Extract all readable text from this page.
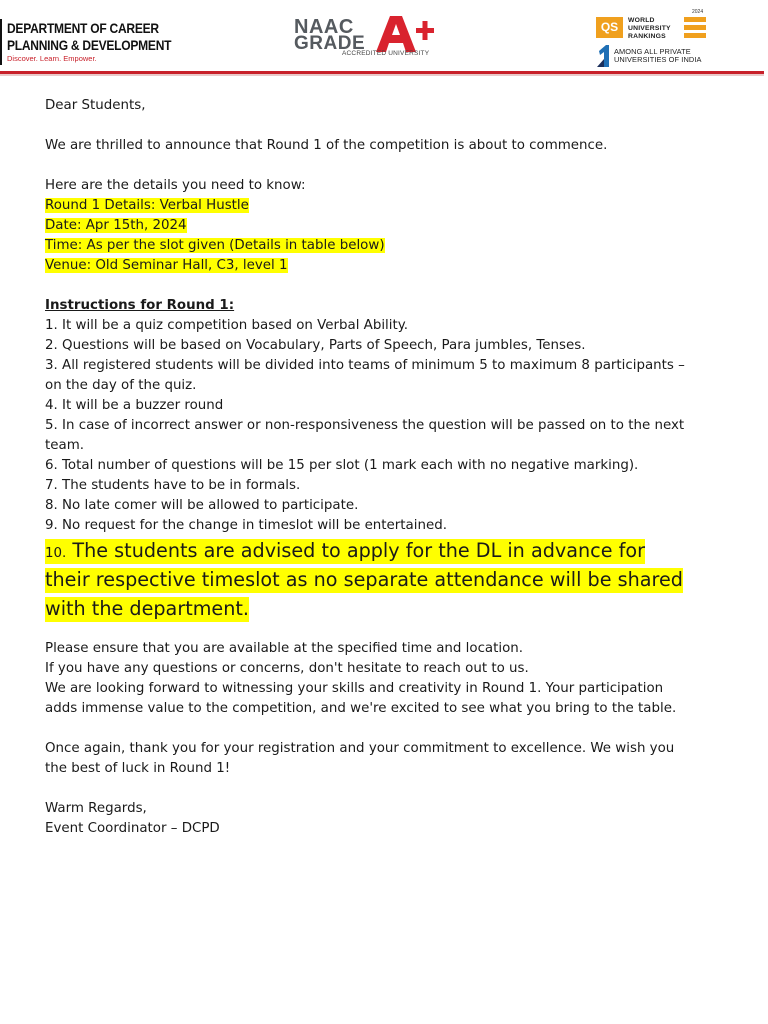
DEPARTMENT OF CAREER
PLANNING & DEVELOPMENT
Discover. Learn. Empower.
NAAC
GRADE
ACCREDITED UNIVERSITY
2024
QS	WORLD
UNIVERSITY
RANKINGS
AMONG ALL PRIVATE
UNIVERSITIES OF INDIA
Dear Students,
We are thrilled to announce that Round 1 of the competition is about to commence.
Here are the details you need to know:
Round 1 Details: Verbal Hustle
Date: Apr 15th, 2024
Time: As per the slot given (Details in table below)
Venue: Old Seminar Hall, C3, level 1
Instructions for Round 1:
1. It will be a quiz competition based on Verbal Ability.
2. Questions will be based on Vocabulary, Parts of Speech, Para jumbles, Tenses.
3. All registered students will be divided into teams of minimum 5 to maximum 8 participants –
on the day of the quiz.
4. It will be a buzzer round
5. In case of incorrect answer or non-responsiveness the question will be passed on to the next
team.
6. Total number of questions will be 15 per slot (1 mark each with no negative marking).
7. The students have to be in formals.
8. No late comer will be allowed to participate.
9. No request for the change in timeslot will be entertained.
10. The students are advised to apply for the DL in advance for
their respective timeslot as no separate attendance will be shared
with the department.
Please ensure that you are available at the specified time and location.
If you have any questions or concerns, don't hesitate to reach out to us.
We are looking forward to witnessing your skills and creativity in Round 1. Your participation
adds immense value to the competition, and we're excited to see what you bring to the table.
Once again, thank you for your registration and your commitment to excellence. We wish you
the best of luck in Round 1!
Warm Regards,
Event Coordinator – DCPD
